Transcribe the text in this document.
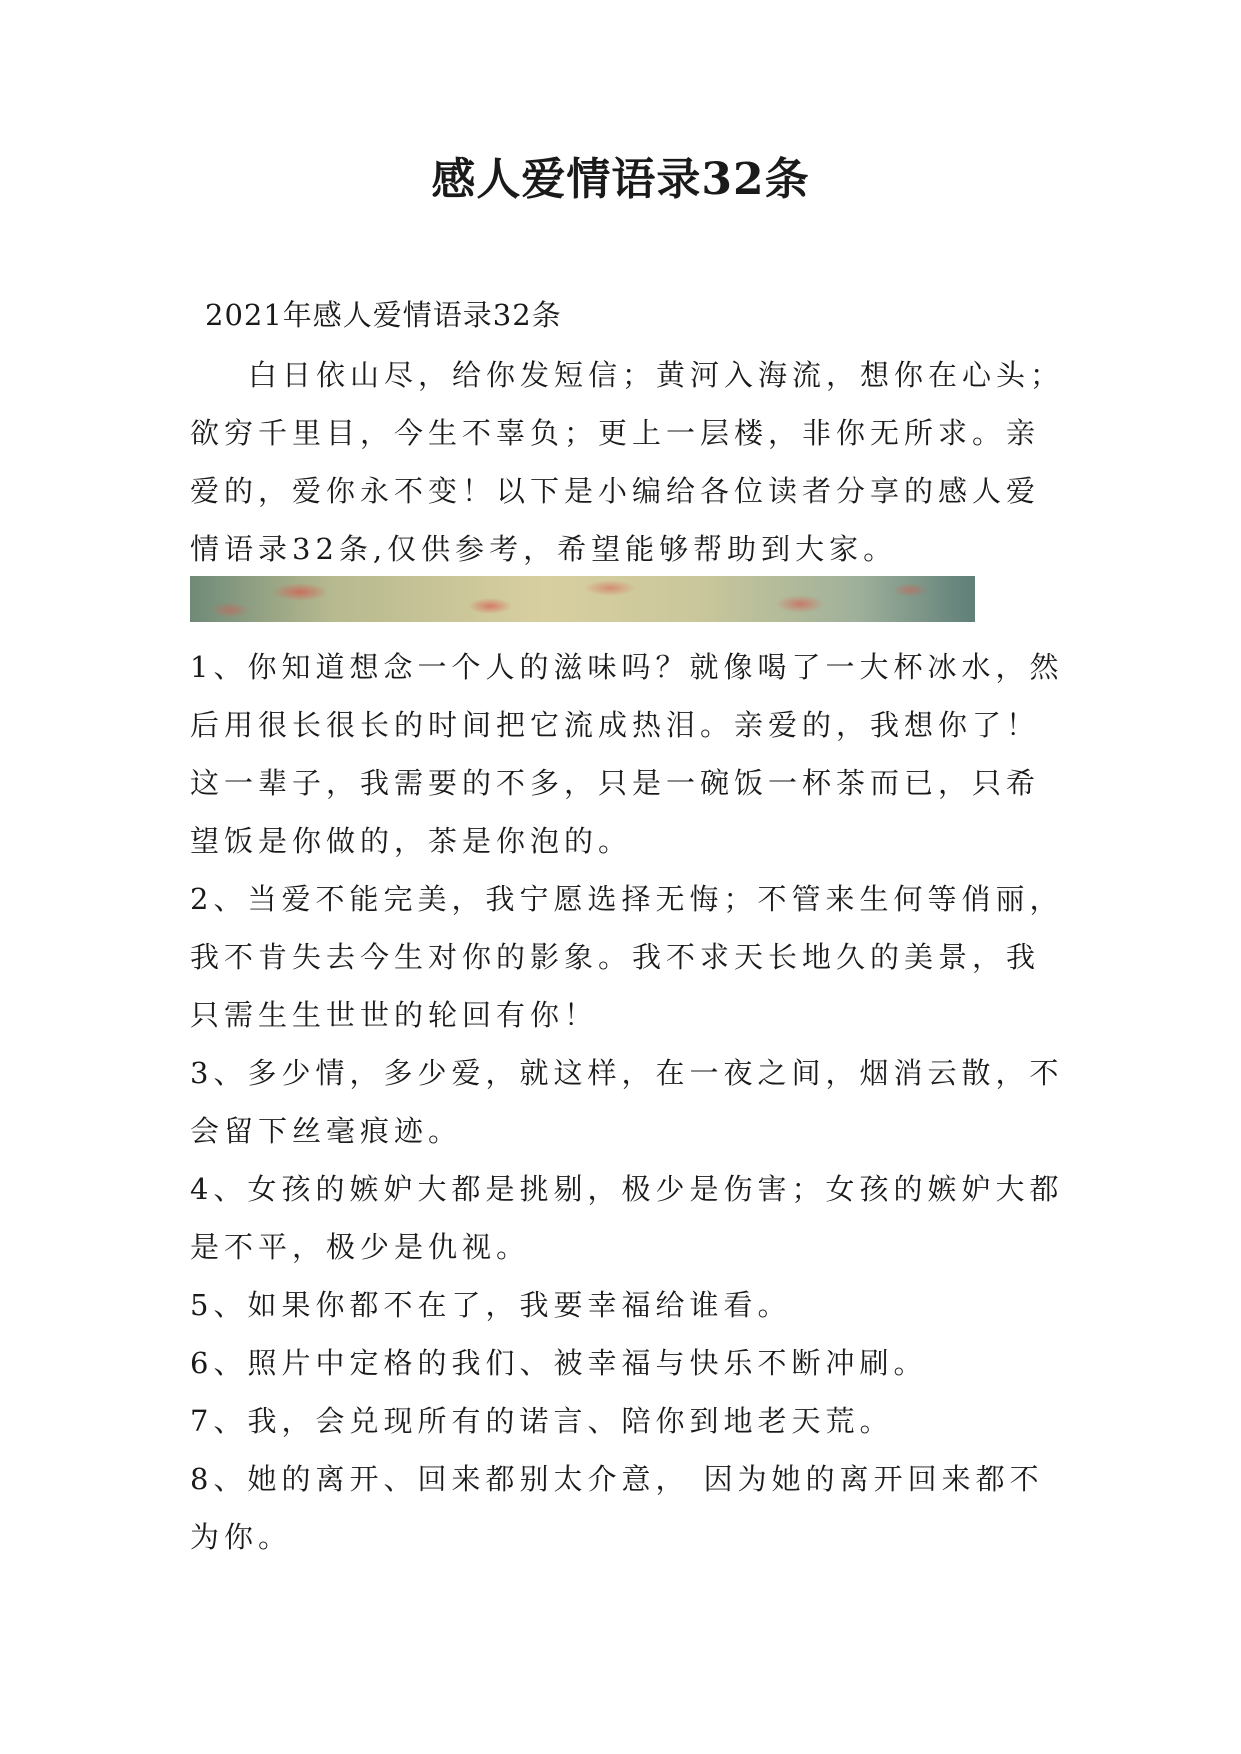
感人爱情语录32条
2021年感人爱情语录32条

白日依山尽，给你发短信；黄河入海流，想你在心头；欲穷千里目，今生不辜负；更上一层楼，非你无所求。亲爱的，爱你永不变！以下是小编给各位读者分享的感人爱情语录32条,仅供参考，希望能够帮助到大家。

1、你知道想念一个人的滋味吗？就像喝了一大杯冰水，然后用很长很长的时间把它流成热泪。亲爱的，我想你了！这一辈子，我需要的不多，只是一碗饭一杯茶而已，只希望饭是你做的，茶是你泡的。
2、当爱不能完美，我宁愿选择无悔；不管来生何等俏丽，我不肯失去今生对你的影象。我不求天长地久的美景，我只需生生世世的轮回有你！
3、多少情，多少爱，就这样，在一夜之间，烟消云散，不会留下丝毫痕迹。
4、女孩的嫉妒大都是挑剔，极少是伤害；女孩的嫉妒大都是不平，极少是仇视。
5、如果你都不在了，我要幸福给谁看。
6、照片中定格的我们、被幸福与快乐不断冲刷。
7、我，会兑现所有的诺言、陪你到地老天荒。
8、她的离开、回来都别太介意， 因为她的离开回来都不为你。
